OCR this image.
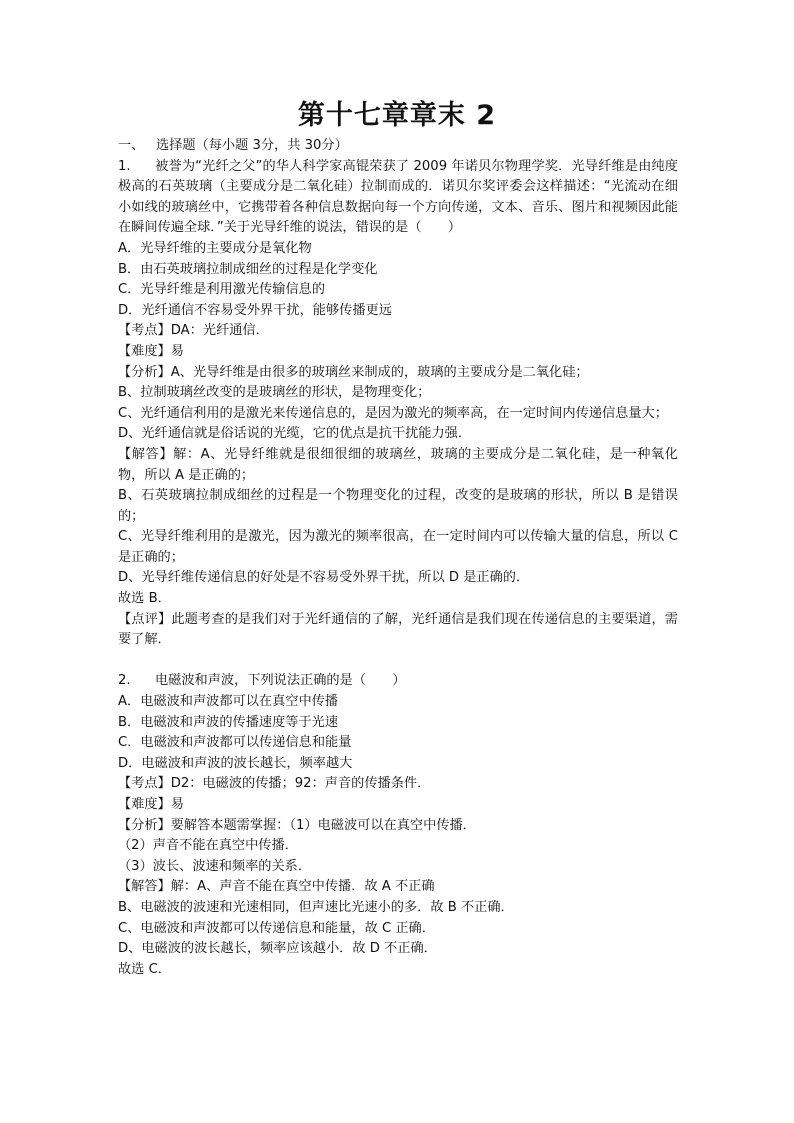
第十七章章末 2
一、 选择题（每小题 3分，共 30分）
1. 被誉为“光纤之父”的华人科学家高锟荣获了 2009 年诺贝尔物理学奖．光导纤维是由纯度极高的石英玻璃（主要成分是二氧化硅）拉制而成的．诺贝尔奖评委会这样描述：“光流动在细小如线的玻璃丝中，它携带着各种信息数据向每一个方向传递，文本、音乐、图片和视频因此能在瞬间传遍全球．”关于光导纤维的说法，错误的是（　　）
A．光导纤维的主要成分是氧化物
B．由石英玻璃拉制成细丝的过程是化学变化
C．光导纤维是利用激光传输信息的
D．光纤通信不容易受外界干扰，能够传播更远
【考点】DA：光纤通信．
【难度】易
【分析】A、光导纤维是由很多的玻璃丝来制成的，玻璃的主要成分是二氧化硅；
B、拉制玻璃丝改变的是玻璃丝的形状，是物理变化；
C、光纤通信利用的是激光来传递信息的，是因为激光的频率高，在一定时间内传递信息量大；
D、光纤通信就是俗话说的光缆，它的优点是抗干扰能力强．
【解答】解：A、光导纤维就是很细很细的玻璃丝，玻璃的主要成分是二氧化硅，是一种氧化物，所以 A 是正确的；
B、石英玻璃拉制成细丝的过程是一个物理变化的过程，改变的是玻璃的形状，所以 B 是错误的；
C、光导纤维利用的是激光，因为激光的频率很高，在一定时间内可以传输大量的信息，所以 C 是正确的；
D、光导纤维传递信息的好处是不容易受外界干扰，所以 D 是正确的．
故选 B．
【点评】此题考查的是我们对于光纤通信的了解，光纤通信是我们现在传递信息的主要渠道，需要了解．
2. 电磁波和声波，下列说法正确的是（　　）
A．电磁波和声波都可以在真空中传播
B．电磁波和声波的传播速度等于光速
C．电磁波和声波都可以传递信息和能量
D．电磁波和声波的波长越长，频率越大
【考点】D2：电磁波的传播；92：声音的传播条件．
【难度】易
【分析】要解答本题需掌握：（1）电磁波可以在真空中传播．
（2）声音不能在真空中传播．
（3）波长、波速和频率的关系．
【解答】解：A、声音不能在真空中传播．故 A 不正确
B、电磁波的波速和光速相同，但声速比光速小的多．故 B 不正确．
C、电磁波和声波都可以传递信息和能量，故 C 正确．
D、电磁波的波长越长，频率应该越小．故 D 不正确．
故选 C．
